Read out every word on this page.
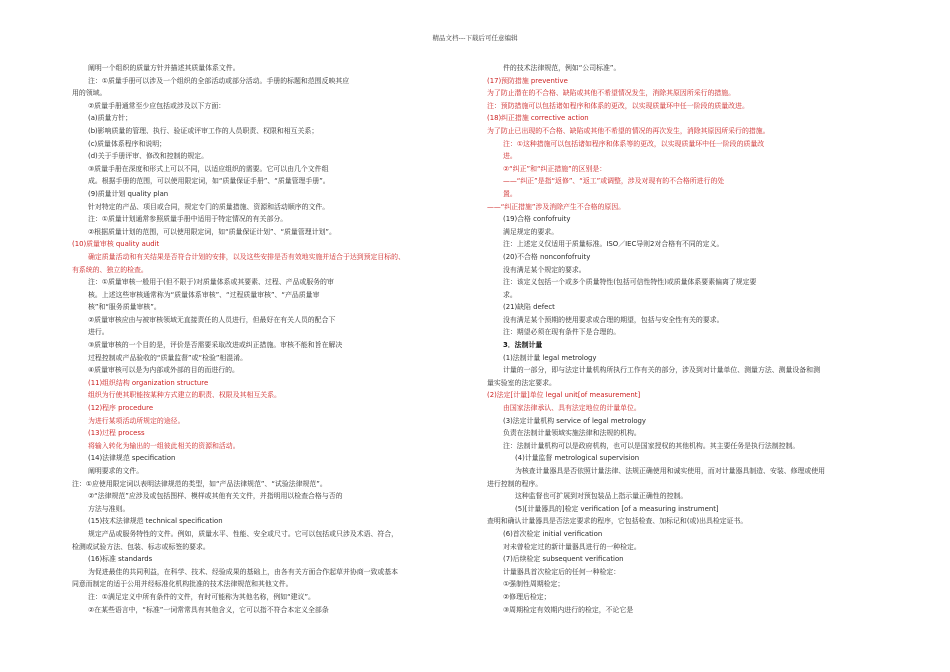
精品文档---下载后可任意编辑
阐明一个组织的质量方针并描述其质量体系文件。
注：①质量手册可以涉及一个组织的全部活动或部分活动。手册的标题和范围反映其应
用的领域。
②质量手册通常至少应包括或涉及以下方面：
(a)质量方针；
(b)影响质量的管理、执行、验证或评审工作的人员职责、权限和相互关系；
(c)质量体系程序和说明；
(d)关于手册评审、修改和控制的规定。
③质量手册在深度和形式上可以不同，以适应组织的需要。它可以由几个文件组
成。根据手册的范围，可以使用限定词，如“质量保证手册”、“质量管理手册”。
(9)质量计划 quality plan
针对特定的产品、项目或合同，规定专门的质量措施、资源和活动顺序的文件。
注：①质量计划通常参照质量手册中适用于特定情况的有关部分。
②根据质量计划的范围，可以使用限定词，如“质量保证计划”、“质量管理计划”。
(10)质量审核 quality audit
确定质量活动和有关结果是否符合计划的安排，以及这些安排是否有效地实施并适合于达到预定目标的、
有系统的、独立的检查。
注：①质量审核一般用于(但不限于)对质量体系或其要素、过程、产品或服务的审
核。上述这些审核通常称为“质量体系审核”、“过程质量审核”、“产品质量审
核”和“服务质量审核”。
②质量审核应由与被审核领域无直接责任的人员进行，但最好在有关人员的配合下
进行。
③质量审核的一个目的是，评价是否需要采取改进或纠正措施。审核不能和旨在解决
过程控制或产品验收的“质量监督”或“检验”相混淆。
④质量审核可以是为内部或外部的目的而进行的。
(11)组织结构 organization structure
组织为行使其职能按某种方式建立的职责、权限及其相互关系。
(12)程序 procedure
为进行某项活动所规定的途径。
(13)过程 process
将输入转化为输出的一组彼此相关的资源和活动。
(14)法律规范 specification
阐明要求的文件。
注：①应使用限定词以表明法律规范的类型，如“产品法律规范”、“试验法律规范”。
②“法律规范”应涉及或包括图样、模样或其他有关文件，并指明用以检查合格与否的
方法与准则。
(15)技术法律规范 technical specification
规定产品或服务特性的文件。例如，质量水平、性能、安全或尺寸。它可以包括或只涉及术语、符合，
检测或试验方法、包装、标志或标签的要求。
(16)标准 standards
为促进最佳的共同利益，在科学、技术、经验成果的基础上，由各有关方面合作起草并协商一致或基本
同意而制定的适于公用并经标准化机构批准的技术法律规范和其他文件。
注：①满足定义中所有条件的文件，有时可能称为其他名称，例如“建议”。
②在某些语言中，“标准”一词常常具有其他含义，它可以指不符合本定义全部条
件的技术法律规范，例如“公司标准”。
(17)预防措施 preventive
为了防止潜在的不合格、缺陷或其他不希望情况发生，消除其原因所采行的措施。
注：预防措施可以包括诸如程序和体系的更改，以实现质量环中任一阶段的质量改进。
(18)纠正措施 corrective action
为了防止已出现的不合格、缺陷或其他不希望的情况的再次发生，消除其原因所采行的措施。
注：①这种措施可以包括诸如程序和体系等的更改，以实现质量环中任一阶段的质量改
进。
②“纠正”和“纠正措施”的区别是：
——“纠正”是指“返修”、“返工”或调整，涉及对现有的不合格所进行的处
置。
——“纠正措施”涉及消除产生不合格的原因。
(19)合格 confofruity
满足规定的要求。
注：上述定义仅适用于质量标准。ISO／IEC导则2对合格有不同的定义。
(20)不合格 nonconfofruity
没有满足某个规定的要求。
注：该定义包括一个或多个质量特性(包括可信性特性)或质量体系要素偏离了规定要
求。
(21)缺陷 defect
没有满足某个预期的使用要求或合理的期望，包括与安全性有关的要求。
注：期望必须在现有条件下是合理的。
3．法制计量
(1)法制计量 legal metrology
计量的一部分，即与法定计量机构所执行工作有关的部分，涉及到对计量单位、测量方法、测量设备和测
量实验室的法定要求。
(2)法定[计量]单位 legal unit[of measurement]
由国家法律承认、具有法定地位的计量单位。
(3)法定计量机构 service of legal metrology
负责在法制计量领域实施法律和法规的机构。
注：法制计量机构可以是政府机构，也可以是国家授权的其他机构。其主要任务是执行法制控制。
(4)计量监督 metrological supervision
为核查计量器具是否依照计量法律、法规正确使用和诚实使用，而对计量器具制造、安装、修理或使用
进行控制的程序。
这种监督也可扩展到对预包装品上指示量正确性的控制。
(5)[计量器具的]检定 verification [of a measuring instrument]
查明和确认计量器具是否法定要求的程序，它包括检查、加标记和(或)出具检定证书。
(6)首次检定 initial verification
对未曾检定过的新计量器具进行的一种检定。
(7)后续检定 subsequent verification
计量器具首次检定后的任何一种检定：
①强制性周期检定；
②修理后检定；
③周期检定有效期内进行的检定，不论它是
